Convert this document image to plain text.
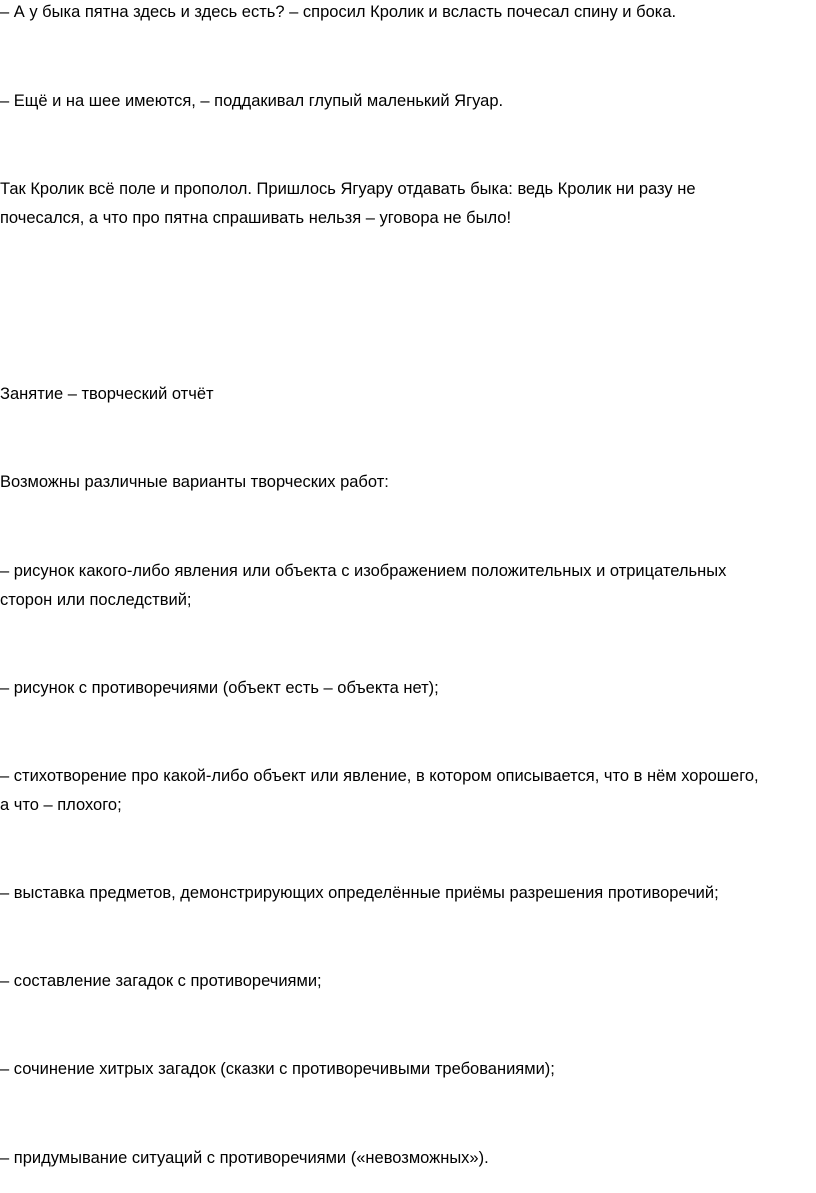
– А у быка пятна здесь и здесь есть? – спросил Кролик и всласть почесал спину и бока.

– Ещё и на шее имеются, – поддакивал глупый маленький Ягуар.

Так Кролик всё поле и прополол. Пришлось Ягуару отдавать быка: ведь Кролик ни разу не
почесался, а что про пятна спрашивать нельзя – уговора не было!

Занятие – творческий отчёт

Возможны различные варианты творческих работ:

– рисунок какого-либо явления или объекта с изображением положительных и отрицательных
сторон или последствий;

– рисунок с противоречиями (объект есть – объекта нет);

– стихотворение про какой-либо объект или явление, в котором описывается, что в нём хорошего,
а что – плохого;

– выставка предметов, демонстрирующих определённые приёмы разрешения противоречий;

– составление загадок с противоречиями;

– сочинение хитрых загадок (сказки с противоречивыми требованиями);

– придумывание ситуаций с противоречиями («невозможных»).
